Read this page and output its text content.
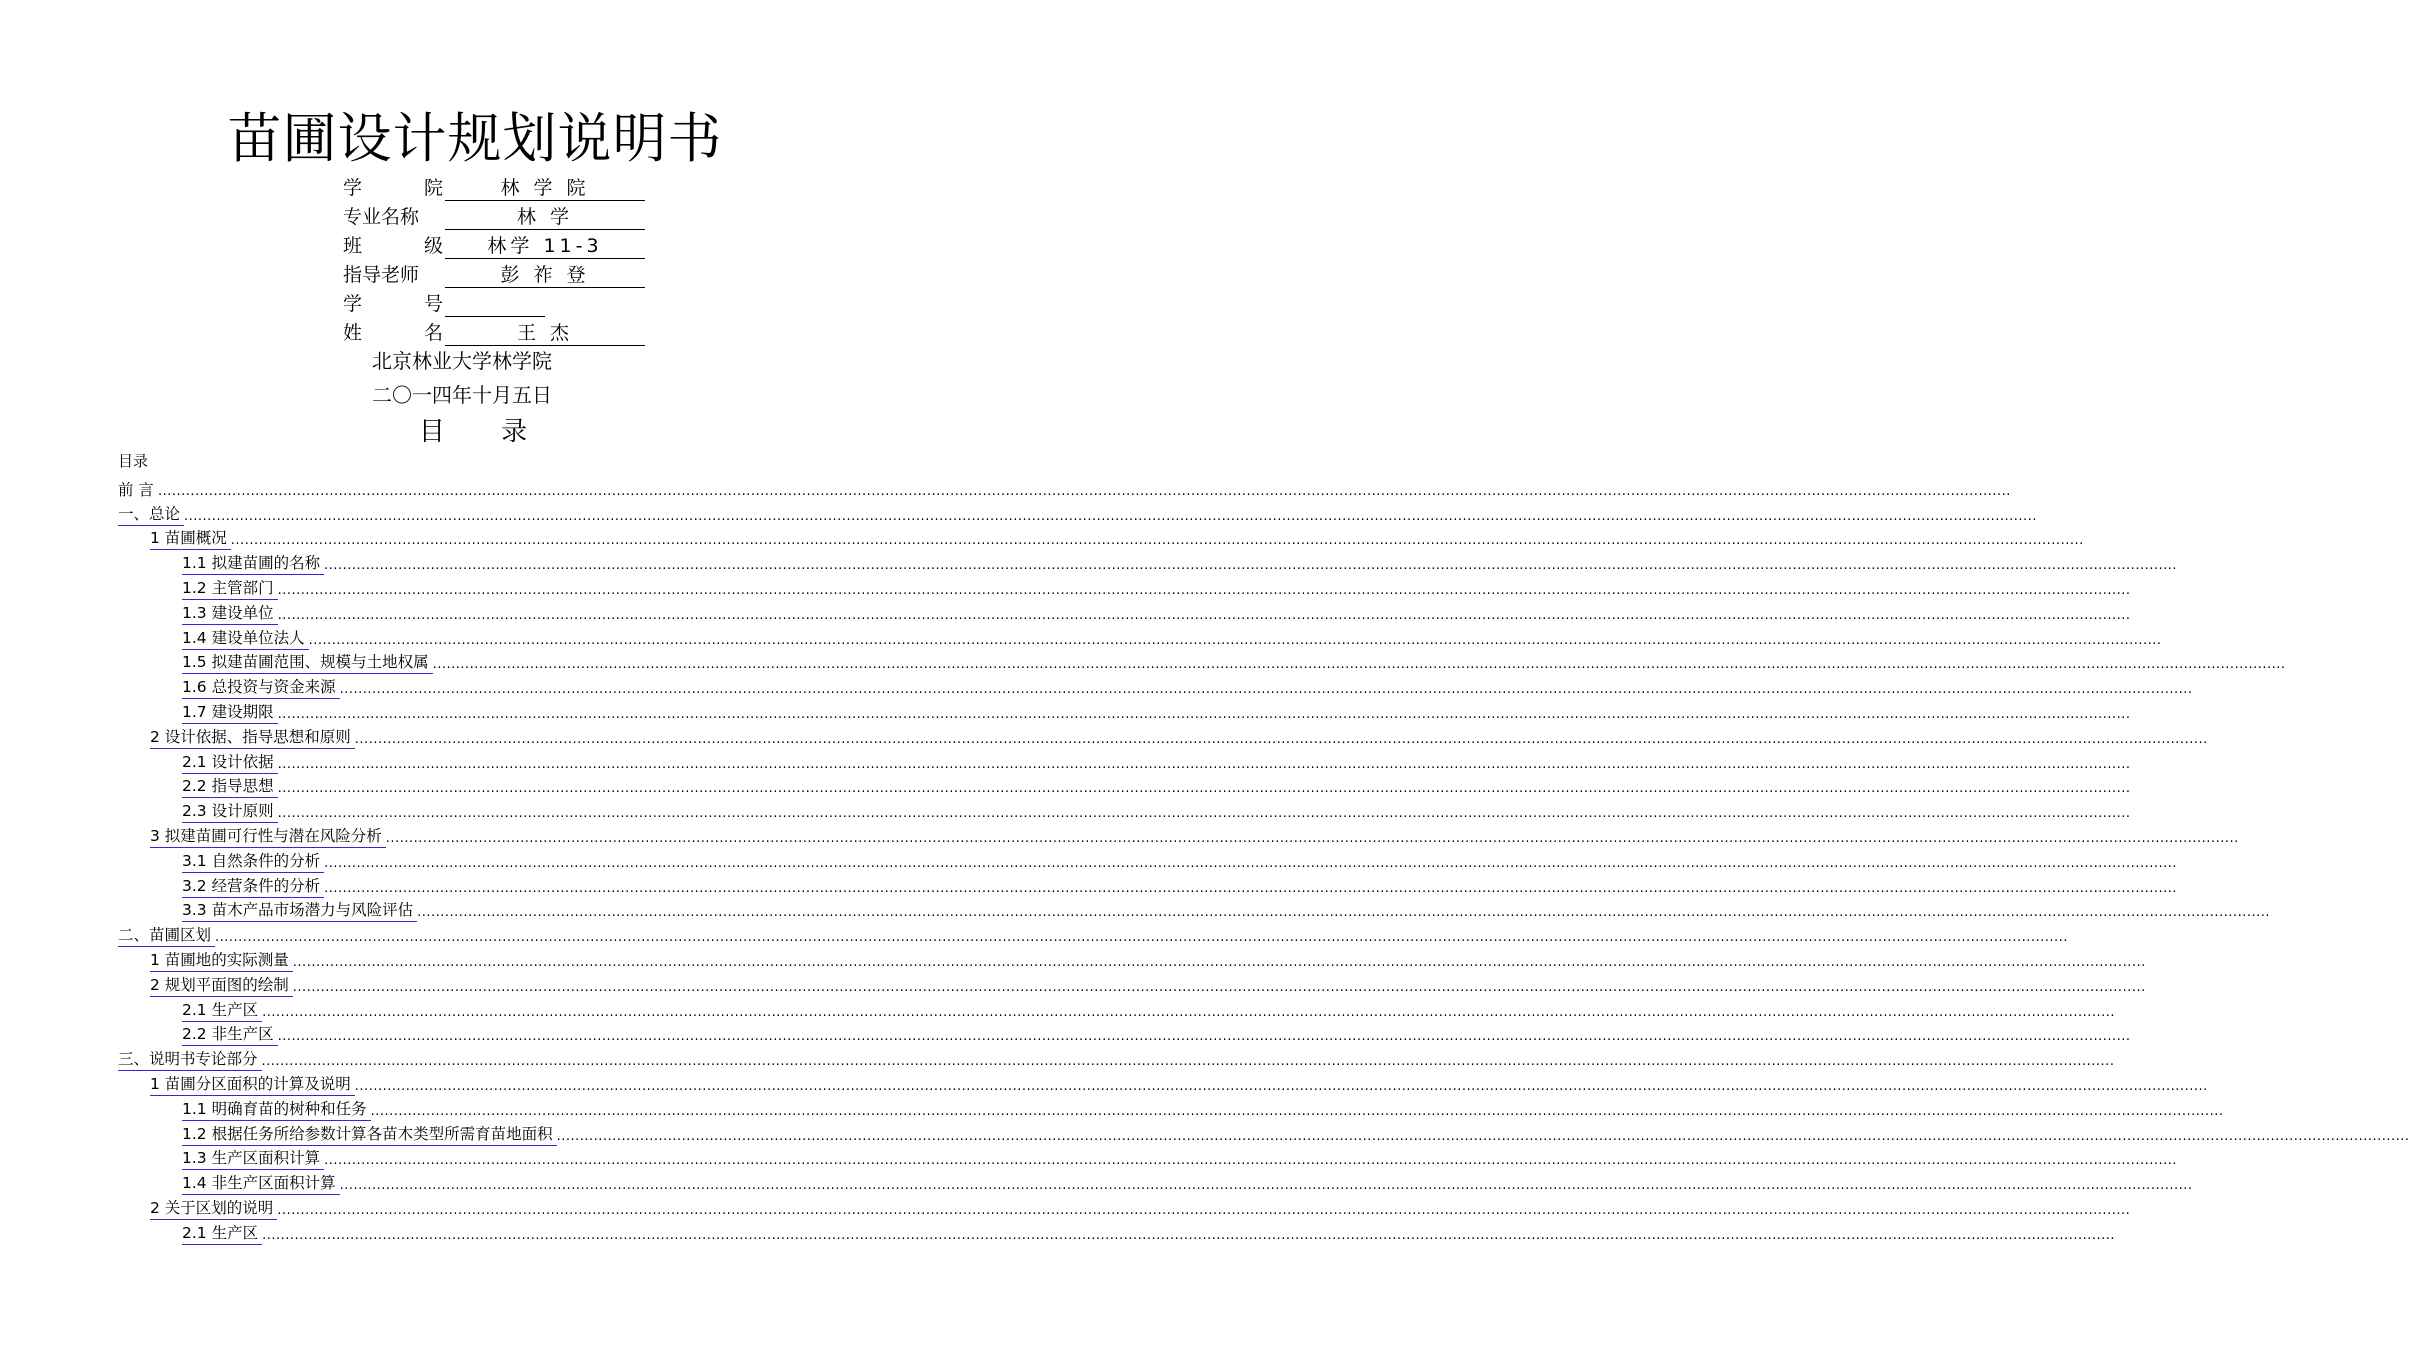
苗圃设计规划说明书
学	院	林 学 院
专业名称	林 学
班	级	林学 11-3
指导老师	彭 祚 登
学	号
姓	名	王 杰
北京林业大学林学院
二〇一四年十月五日
目 录
目录
前 言 ................................................................................................................................................................................................................................................................................................................................................................................................................
一、总论 ................................................................................................................................................................................................................................................................................................................................................................................................................
1 苗圃概况 ................................................................................................................................................................................................................................................................................................................................................................................................................
1.1 拟建苗圃的名称 ................................................................................................................................................................................................................................................................................................................................................................................................................
1.2 主管部门 ................................................................................................................................................................................................................................................................................................................................................................................................................
1.3 建设单位 ................................................................................................................................................................................................................................................................................................................................................................................................................
1.4 建设单位法人 ................................................................................................................................................................................................................................................................................................................................................................................................................
1.5 拟建苗圃范围、规模与土地权属 ................................................................................................................................................................................................................................................................................................................................................................................................................
1.6 总投资与资金来源 ................................................................................................................................................................................................................................................................................................................................................................................................................
1.7 建设期限 ................................................................................................................................................................................................................................................................................................................................................................................................................
2 设计依据、指导思想和原则 ................................................................................................................................................................................................................................................................................................................................................................................................................
2.1 设计依据 ................................................................................................................................................................................................................................................................................................................................................................................................................
2.2 指导思想 ................................................................................................................................................................................................................................................................................................................................................................................................................
2.3 设计原则 ................................................................................................................................................................................................................................................................................................................................................................................................................
3 拟建苗圃可行性与潜在风险分析 ................................................................................................................................................................................................................................................................................................................................................................................................................
3.1 自然条件的分析 ................................................................................................................................................................................................................................................................................................................................................................................................................
3.2 经营条件的分析 ................................................................................................................................................................................................................................................................................................................................................................................................................
3.3 苗木产品市场潜力与风险评估 ................................................................................................................................................................................................................................................................................................................................................................................................................
二、苗圃区划 ................................................................................................................................................................................................................................................................................................................................................................................................................
1 苗圃地的实际测量 ................................................................................................................................................................................................................................................................................................................................................................................................................
2 规划平面图的绘制 ................................................................................................................................................................................................................................................................................................................................................................................................................
2.1 生产区 ................................................................................................................................................................................................................................................................................................................................................................................................................
2.2 非生产区 ................................................................................................................................................................................................................................................................................................................................................................................................................
三、说明书专论部分 ................................................................................................................................................................................................................................................................................................................................................................................................................
1 苗圃分区面积的计算及说明 ................................................................................................................................................................................................................................................................................................................................................................................................................
1.1 明确育苗的树种和任务 ................................................................................................................................................................................................................................................................................................................................................................................................................
1.2 根据任务所给参数计算各苗木类型所需育苗地面积 ................................................................................................................................................................................................................................................................................................................................................................................................................
1.3 生产区面积计算 ................................................................................................................................................................................................................................................................................................................................................................................................................
1.4 非生产区面积计算 ................................................................................................................................................................................................................................................................................................................................................................................................................
2 关于区划的说明 ................................................................................................................................................................................................................................................................................................................................................................................................................
2.1 生产区 ................................................................................................................................................................................................................................................................................................................................................................................................................
